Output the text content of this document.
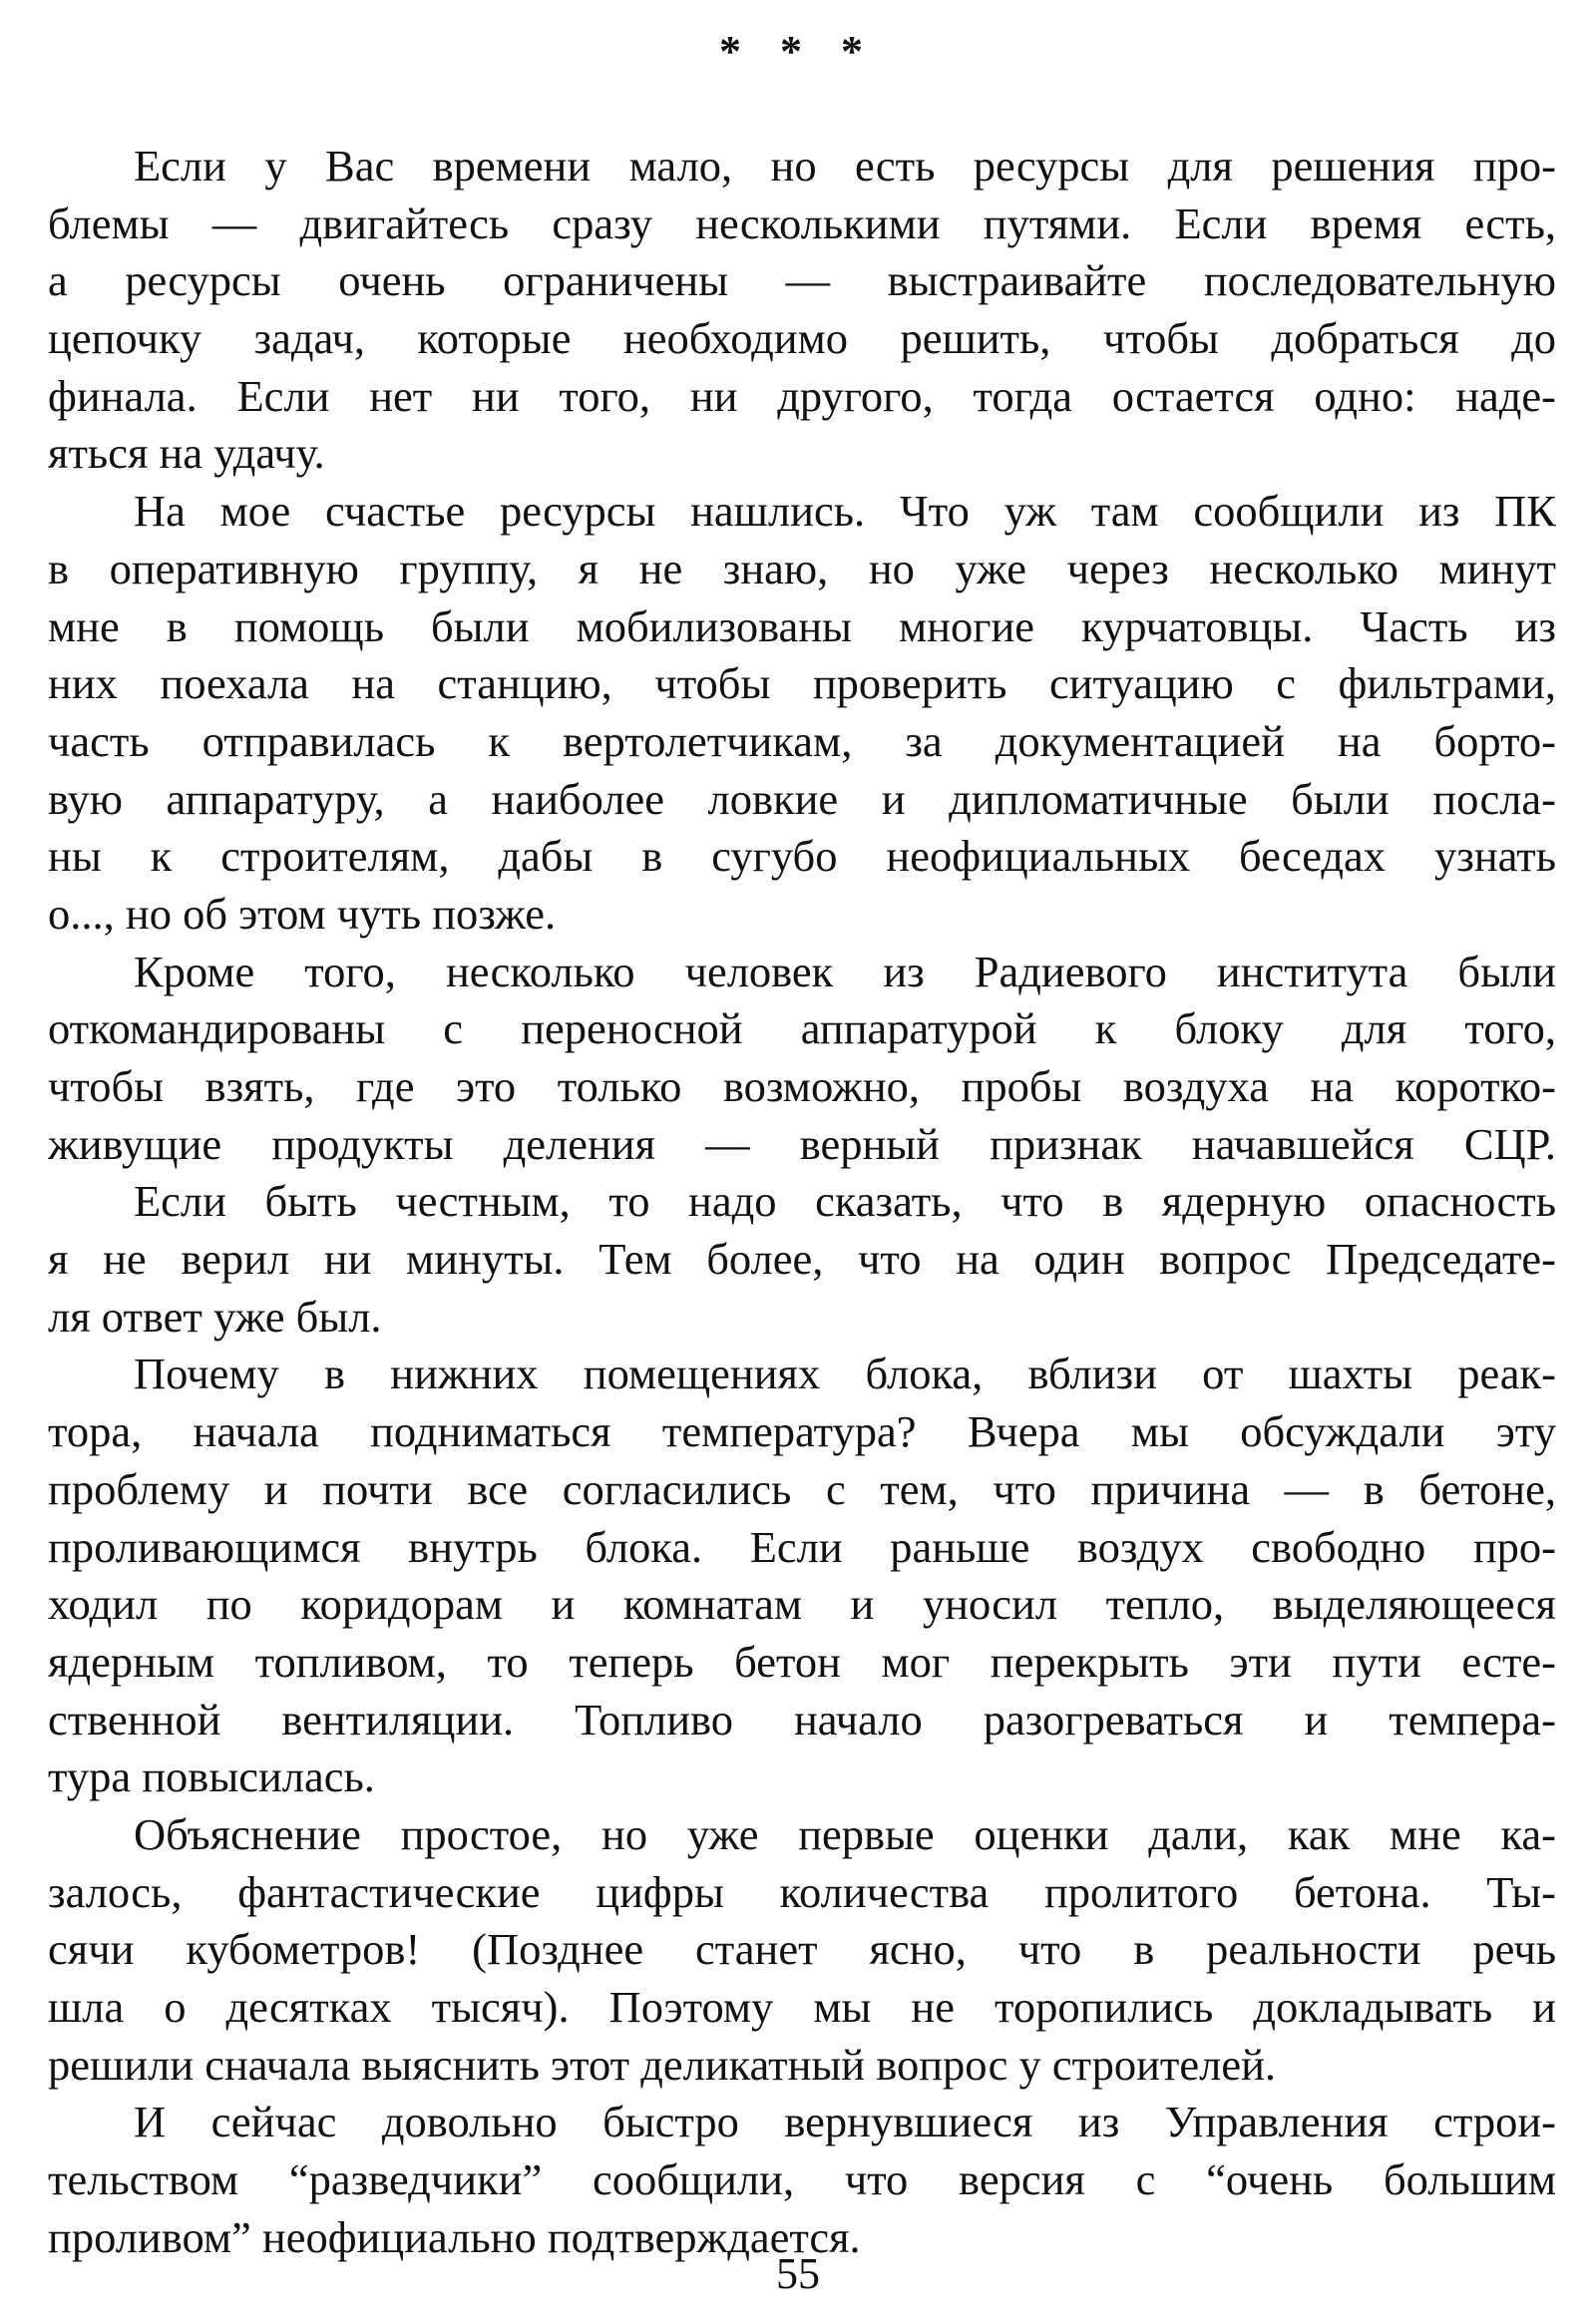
* * *
Если у Вас времени мало, но есть ресурсы для решения про-
блемы — двигайтесь сразу несколькими путями. Если время есть,
а ресурсы очень ограничены — выстраивайте последовательную
цепочку задач, которые необходимо решить, чтобы добраться до
финала. Если нет ни того, ни другого, тогда остается одно: наде-
яться на удачу.
На мое счастье ресурсы нашлись. Что уж там сообщили из ПК
в оперативную группу, я не знаю, но уже через несколько минут
мне в помощь были мобилизованы многие курчатовцы. Часть из
них поехала на станцию, чтобы проверить ситуацию с фильтрами,
часть отправилась к вертолетчикам, за документацией на борто-
вую аппаратуру, а наиболее ловкие и дипломатичные были посла-
ны к строителям, дабы в сугубо неофициальных беседах узнать
о..., но об этом чуть позже.
Кроме того, несколько человек из Радиевого института были
откомандированы с переносной аппаратурой к блоку для того,
чтобы взять, где это только возможно, пробы воздуха на коротко-
живущие продукты деления — верный признак начавшейся СЦР.
Если быть честным, то надо сказать, что в ядерную опасность
я не верил ни минуты. Тем более, что на один вопрос Председате-
ля ответ уже был.
Почему в нижних помещениях блока, вблизи от шахты реак-
тора, начала подниматься температура? Вчера мы обсуждали эту
проблему и почти все согласились с тем, что причина — в бетоне,
проливающимся внутрь блока. Если раньше воздух свободно про-
ходил по коридорам и комнатам и уносил тепло, выделяющееся
ядерным топливом, то теперь бетон мог перекрыть эти пути есте-
ственной вентиляции. Топливо начало разогреваться и темпера-
тура повысилась.
Объяснение простое, но уже первые оценки дали, как мне ка-
залось, фантастические цифры количества пролитого бетона. Ты-
сячи кубометров! (Позднее станет ясно, что в реальности речь
шла о десятках тысяч). Поэтому мы не торопились докладывать и
решили сначала выяснить этот деликатный вопрос у строителей.
И сейчас довольно быстро вернувшиеся из Управления строи-
тельством “разведчики” сообщили, что версия с “очень большим
проливом” неофициально подтверждается.
55
